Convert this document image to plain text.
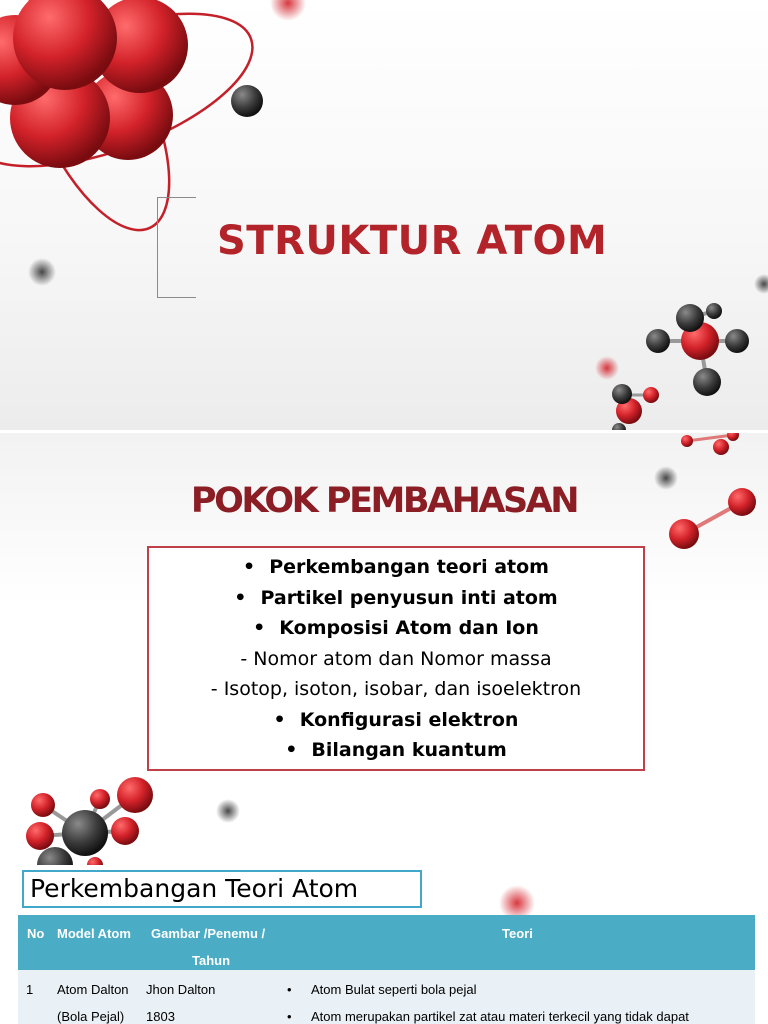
STRUKTUR ATOM
POKOK PEMBAHASAN
• Perkembangan teori atom
• Partikel penyusun inti atom
• Komposisi Atom dan Ion
- Nomor atom dan Nomor massa
- Isotop, isoton, isobar, dan isoelektron
• Konfigurasi elektron
• Bilangan kuantum
Perkembangan Teori Atom
No Model Atom Gambar /Penemu /
Tahun
Teori
1 Atom Dalton
(Bola Pejal)
Jhon Dalton
1803
• Atom Bulat seperti bola pejal
• Atom merupakan partikel zat atau materi terkecil yang tidak dapat
